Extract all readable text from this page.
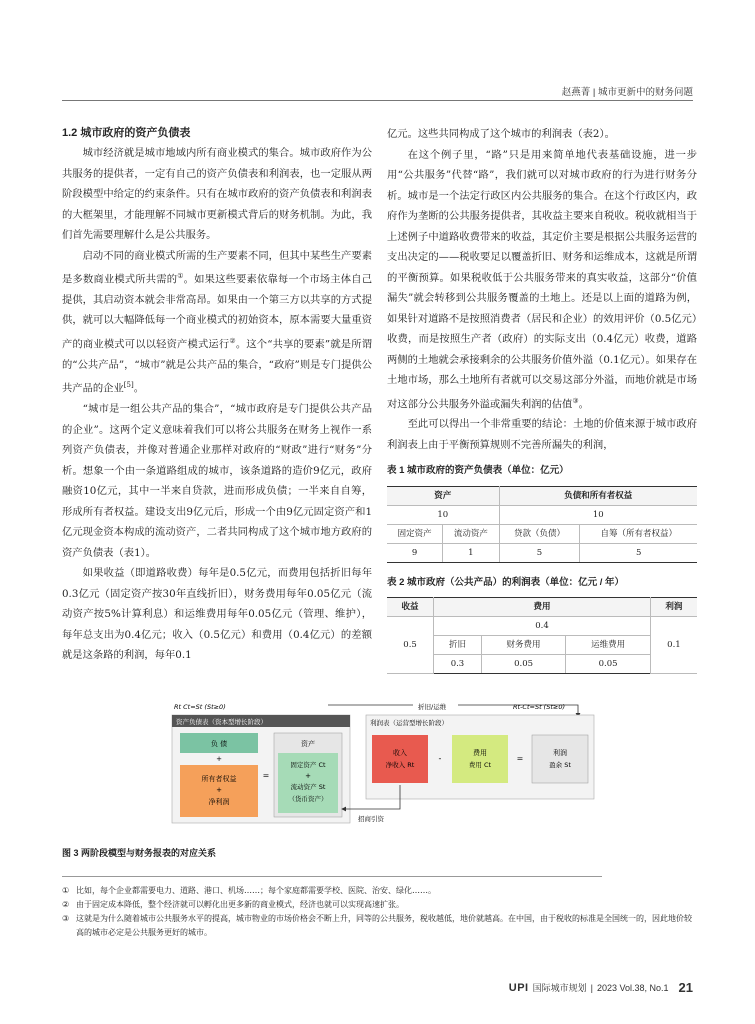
赵燕菁 | 城市更新中的财务问题
1.2 城市政府的资产负债表

城市经济就是城市地域内所有商业模式的集合。城市政府作为公共服务的提供者，一定有自己的资产负债表和利润表，也一定服从两阶段模型中给定的约束条件。只有在城市政府的资产负债表和利润表的大框架里，才能理解不同城市更新模式背后的财务机制。为此，我们首先需要理解什么是公共服务。

启动不同的商业模式所需的生产要素不同，但其中某些生产要素是多数商业模式所共需的①。如果这些要素依靠每一个市场主体自己提供，其启动资本就会非常高昂。如果由一个第三方以共享的方式提供，就可以大幅降低每一个商业模式的初始资本，原本需要大量重资产的商业模式可以以轻资产模式运行②。这个“共享的要素”就是所谓的“公共产品”，“城市”就是公共产品的集合，“政府”则是专门提供公共产品的企业[5]。

“城市是一组公共产品的集合”，“城市政府是专门提供公共产品的企业”。这两个定义意味着我们可以将公共服务在财务上视作一系列资产负债表，并像对普通企业那样对政府的“财政”进行“财务”分析。想象一个由一条道路组成的城市，该条道路的造价9亿元，政府融资10亿元，其中一半来自贷款，进而形成负债；一半来自自筹，形成所有者权益。建设支出9亿元后，形成一个由9亿元固定资产和1亿元现金资本构成的流动资产，二者共同构成了这个城市地方政府的资产负债表（表1）。

如果收益（即道路收费）每年是0.5亿元，而费用包括折旧每年0.3亿元（固定资产按30年直线折旧），财务费用每年0.05亿元（流动资产按5%计算利息）和运维费用每年0.05亿元（管理、维护），每年总支出为0.4亿元；收入（0.5亿元）和费用（0.4亿元）的差额就是这条路的利润，每年0.1

亿元。这些共同构成了这个城市的利润表（表2）。

在这个例子里，“路”只是用来简单地代表基础设施，进一步用“公共服务”代替“路”，我们就可以对城市政府的行为进行财务分析。城市是一个法定行政区内公共服务的集合。在这个行政区内，政府作为垄断的公共服务提供者，其收益主要来自税收。税收就相当于上述例子中道路收费带来的收益，其定价主要是根据公共服务运营的支出决定的——税收要足以覆盖折旧、财务和运维成本，这就是所谓的平衡预算。如果税收低于公共服务带来的真实收益，这部分“价值漏失”就会转移到公共服务覆盖的土地上。还是以上面的道路为例，如果针对道路不是按照消费者（居民和企业）的效用评价（0.5亿元）收费，而是按照生产者（政府）的实际支出（0.4亿元）收费，道路两侧的土地就会承接剩余的公共服务价值外溢（0.1亿元）。如果存在土地市场，那么土地所有者就可以交易这部分外溢，而地价就是市场对这部分公共服务外溢或漏失利润的估值③。

至此可以得出一个非常重要的结论：土地的价值来源于城市政府利润表上由于平衡预算规则不完善所漏失的利润，

表 1 城市政府的资产负债表（单位：亿元）
资产		负债和所有者权益	
10		10	
固定资产	流动资产	贷款（负债）	自筹（所有者权益）
9	1	5	5
表 2 城市政府（公共产品）的利润表（单位：亿元 / 年）
收益	费用			利润
0.5	0.4			0.1
	折旧	财务费用	运维费用	
	0.3	0.05	0.05	
Rt Ct=St (St≥0)	Rt-Ct=St (St≥0)
折旧/运维
资产负债表（资本型增长阶段）
负 债
+
所有者权益
+
净利润
=
资产
固定资产 Ct
+
流动资产 St
（货币资产）
利润表（运营型增长阶段）
收入
净收入 Rt
-
费用
费用 Ct
=
利润
盈余 St
招商引资
图 3 两阶段模型与财务报表的对应关系
① 比如，每个企业都需要电力、道路、港口、机场……；每个家庭都需要学校、医院、治安、绿化……。
② 由于固定成本降低，整个经济就可以孵化出更多新的商业模式，经济也就可以实现高速扩张。
③ 这就是为什么随着城市公共服务水平的提高，城市物业的市场价格会不断上升，同等的公共服务，税收越低，地价就越高。在中国，由于税收的标准是全国统一的，因此地价较高的城市必定是公共服务更好的城市。
UPI 国际城市规划 | 2023 Vol.38, No.1 21
